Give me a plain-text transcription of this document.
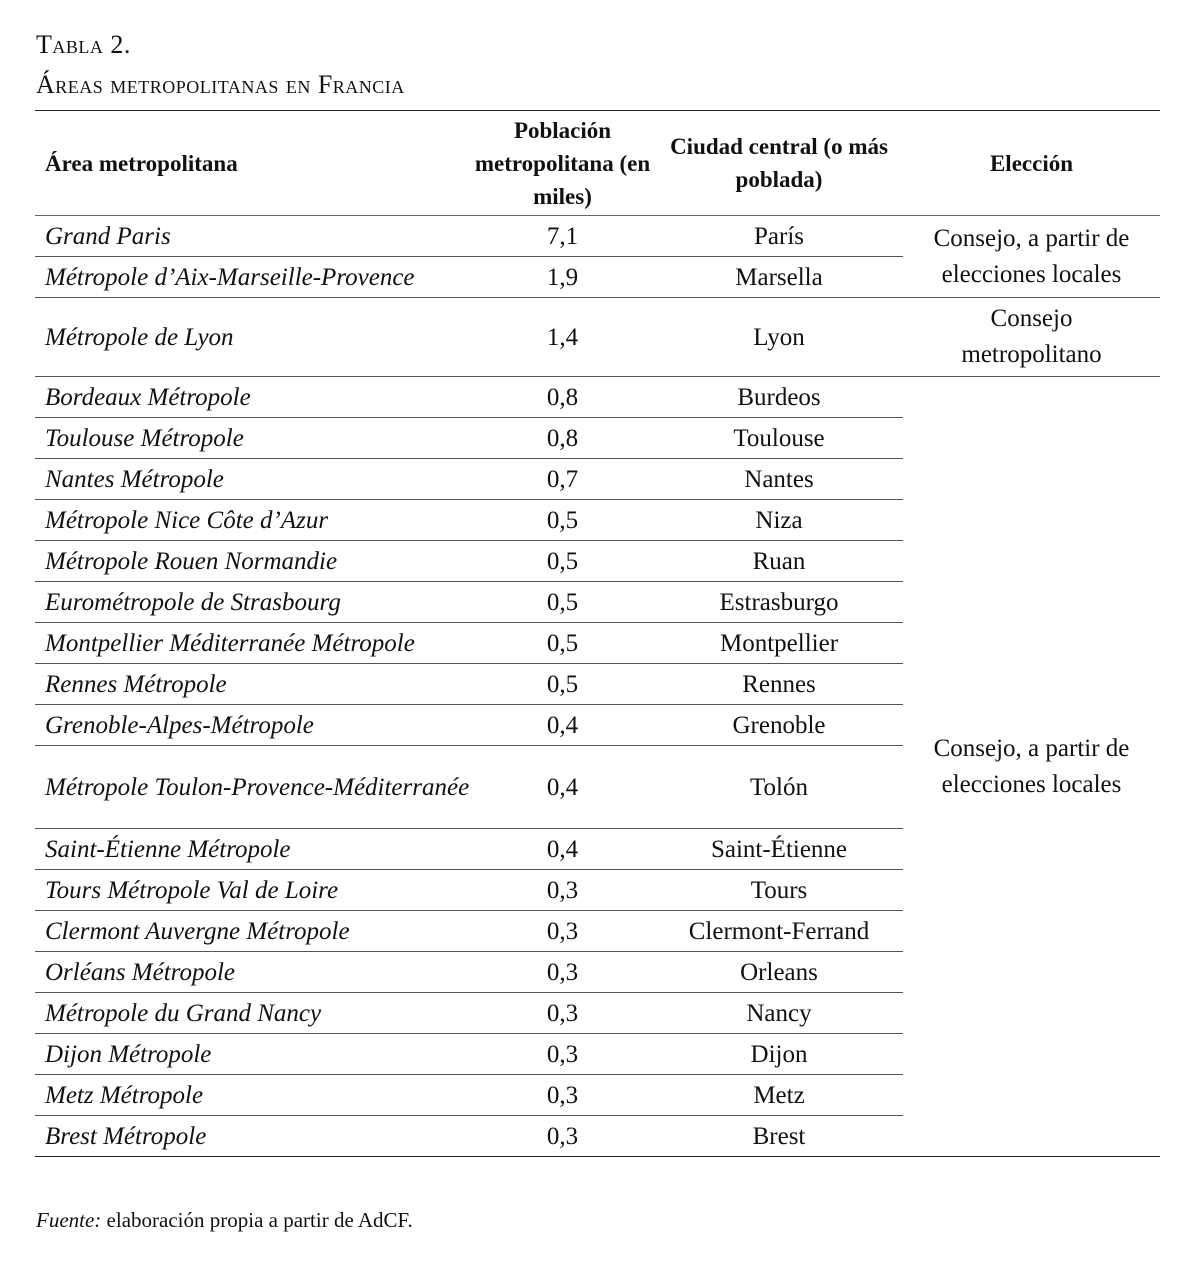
Tabla 2.
Áreas metropolitanas en Francia
Área metropolitana	Población metropolitana (en miles)	Ciudad central (o más poblada)	Elección
Grand Paris	7,1	París	Consejo, a partir de elecciones locales
Métropole d’Aix-Marseille-Provence	1,9	Marsella	
Métropole de Lyon	1,4	Lyon	Consejo metropolitano
Bordeaux Métropole	0,8	Burdeos	Consejo, a partir de elecciones locales
Toulouse Métropole	0,8	Toulouse	
Nantes Métropole	0,7	Nantes	
Métropole Nice Côte d’Azur	0,5	Niza	
Métropole Rouen Normandie	0,5	Ruan	
Eurométropole de Strasbourg	0,5	Estrasburgo	
Montpellier Méditerranée Métropole	0,5	Montpellier	
Rennes Métropole	0,5	Rennes	
Grenoble-Alpes-Métropole	0,4	Grenoble	
Métropole Toulon-Provence-Méditerranée	0,4	Tolón	
Saint-Étienne Métropole	0,4	Saint-Étienne	
Tours Métropole Val de Loire	0,3	Tours	
Clermont Auvergne Métropole	0,3	Clermont-Ferrand	
Orléans Métropole	0,3	Orleans	
Métropole du Grand Nancy	0,3	Nancy	
Dijon Métropole	0,3	Dijon	
Metz Métropole	0,3	Metz	
Brest Métropole	0,3	Brest	
Fuente: elaboración propia a partir de AdCF.
